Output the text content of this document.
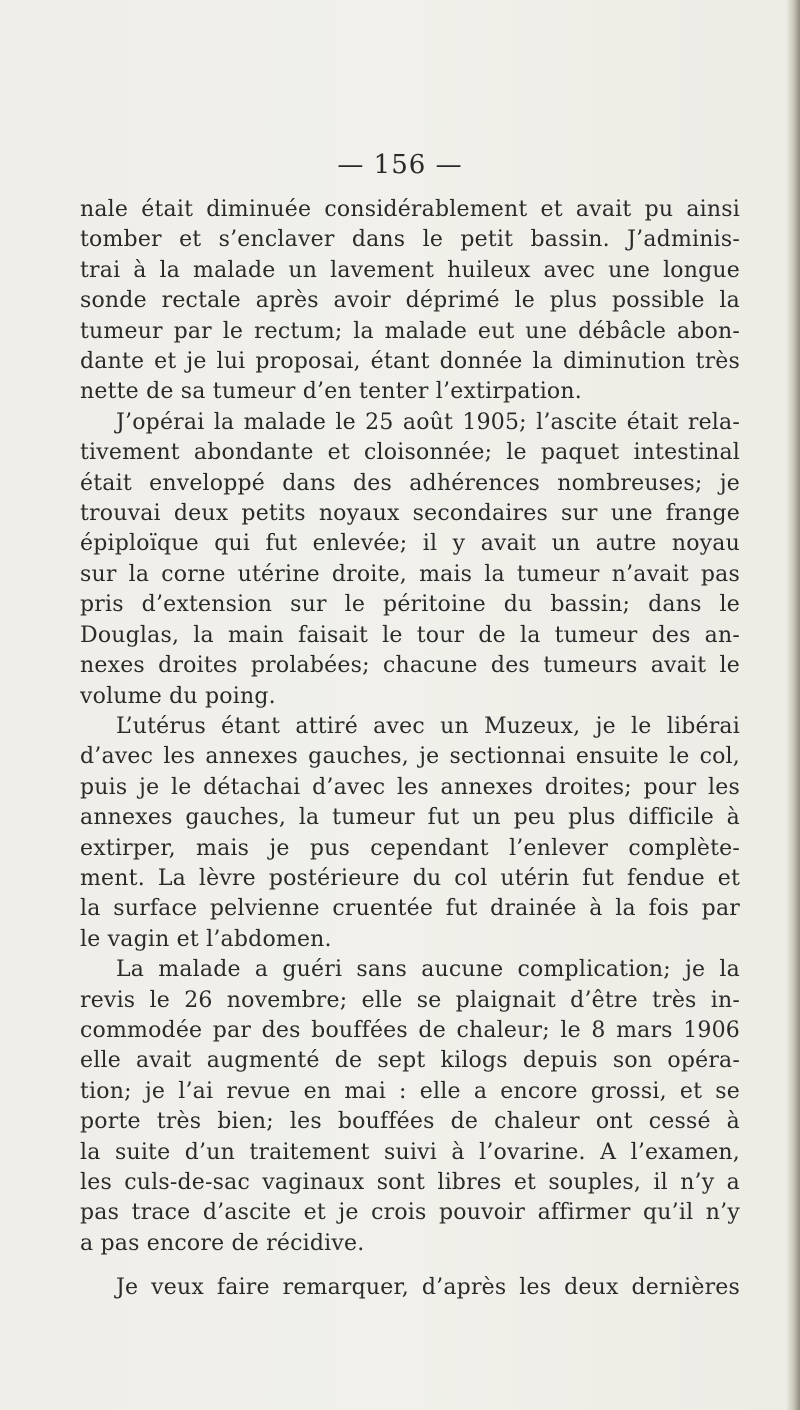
— 156 —
nale était diminuée considérablement et avait pu ainsi
tomber et s’enclaver dans le petit bassin. J’adminis-
trai à la malade un lavement huileux avec une longue
sonde rectale après avoir déprimé le plus possible la
tumeur par le rectum; la malade eut une débâcle abon-
dante et je lui proposai, étant donnée la diminution très
nette de sa tumeur d’en tenter l’extirpation.
J’opérai la malade le 25 août 1905; l’ascite était rela-
tivement abondante et cloisonnée; le paquet intestinal
était enveloppé dans des adhérences nombreuses; je
trouvai deux petits noyaux secondaires sur une frange
épiploïque qui fut enlevée; il y avait un autre noyau
sur la corne utérine droite, mais la tumeur n’avait pas
pris d’extension sur le péritoine du bassin; dans le
Douglas, la main faisait le tour de la tumeur des an-
nexes droites prolabées; chacune des tumeurs avait le
volume du poing.
L’utérus étant attiré avec un Muzeux, je le libérai
d’avec les annexes gauches, je sectionnai ensuite le col,
puis je le détachai d’avec les annexes droites; pour les
annexes gauches, la tumeur fut un peu plus difficile à
extirper, mais je pus cependant l’enlever complète-
ment. La lèvre postérieure du col utérin fut fendue et
la surface pelvienne cruentée fut drainée à la fois par
le vagin et l’abdomen.
La malade a guéri sans aucune complication; je la
revis le 26 novembre; elle se plaignait d’être très in-
commodée par des bouffées de chaleur; le 8 mars 1906
elle avait augmenté de sept kilogs depuis son opéra-
tion; je l’ai revue en mai : elle a encore grossi, et se
porte très bien; les bouffées de chaleur ont cessé à
la suite d’un traitement suivi à l’ovarine. A l’examen,
les culs-de-sac vaginaux sont libres et souples, il n’y a
pas trace d’ascite et je crois pouvoir affirmer qu’il n’y
a pas encore de récidive.
Je veux faire remarquer, d’après les deux dernières
